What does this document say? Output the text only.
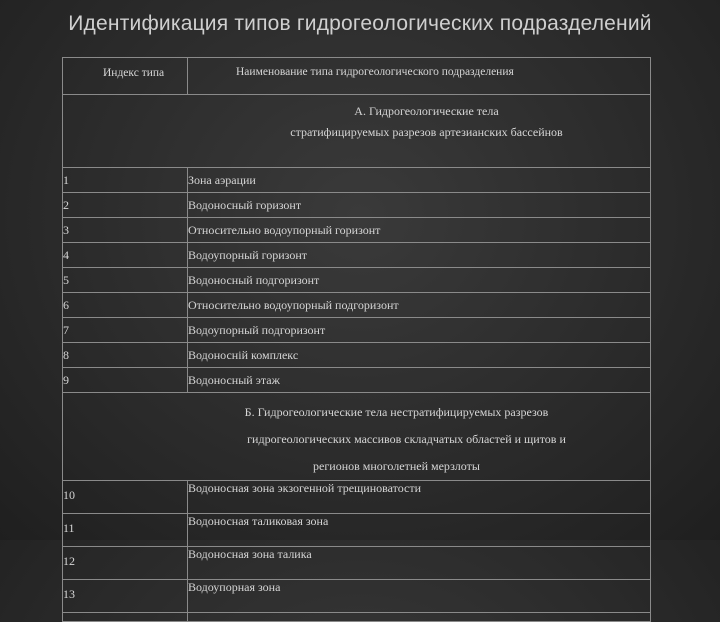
Идентификация типов гидрогеологических подразделений
Индекс типа	Наименование типа гидрогеологического подразделения

А. Гидрогеологические тела
стратифицируемых разрезов артезианских бассейнов	

1	Зона аэрации
2	Водоносный горизонт
3	Относительно водоупорный горизонт
4	Водоупорный горизонт
5	Водоносный подгоризонт
6	Относительно водоупорный подгоризонт
7	Водоупорный подгоризонт
8	Водоносній комплекс
9	Водоносный этаж

Б. Гидрогеологические тела нестратифицируемых разрезов
гидрогеологических массивов складчатых областей и щитов и
регионов многолетней мерзлоты	

10	Водоносная зона экзогенной трещиноватости
11	Водоносная таликовая зона
12	Водоносная зона талика
13	Водоупорная зона
